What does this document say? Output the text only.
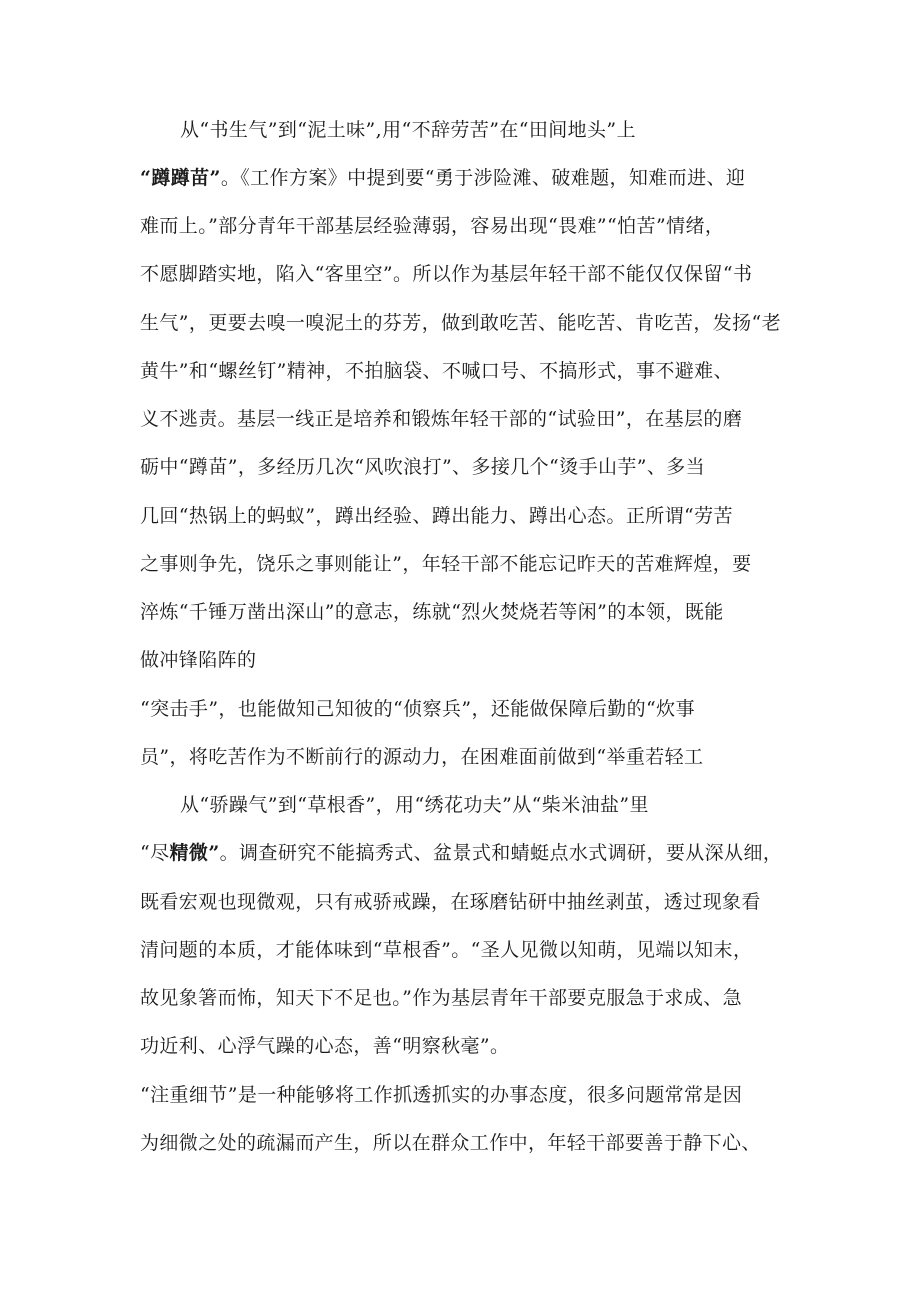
从“书生气”到“泥土味”,用“不辞劳苦”在“田间地头”上
“蹲蹲苗”。《工作方案》中提到要“勇于涉险滩、破难题，知难而进、迎
难而上。”部分青年干部基层经验薄弱，容易出现“畏难”“怕苦”情绪，
不愿脚踏实地，陷入“客里空”。所以作为基层年轻干部不能仅仅保留“书
生气”，更要去嗅一嗅泥土的芬芳，做到敢吃苦、能吃苦、肯吃苦，发扬“老
黄牛”和“螺丝钉”精神，不拍脑袋、不喊口号、不搞形式，事不避难、
义不逃责。基层一线正是培养和锻炼年轻干部的“试验田”，在基层的磨
砺中“蹲苗”，多经历几次“风吹浪打”、多接几个“烫手山芋”、多当
几回“热锅上的蚂蚁”，蹲出经验、蹲出能力、蹲出心态。正所谓“劳苦
之事则争先，饶乐之事则能让”，年轻干部不能忘记昨天的苦难辉煌，要
淬炼“千锤万凿出深山”的意志，练就“烈火焚烧若等闲”的本领，既能
做冲锋陷阵的
“突击手”，也能做知己知彼的“侦察兵”，还能做保障后勤的“炊事
员”，将吃苦作为不断前行的源动力，在困难面前做到“举重若轻工
从“骄躁气”到“草根香”，用“绣花功夫”从“柴米油盐”里
“尽精微”。调查研究不能搞秀式、盆景式和蜻蜓点水式调研，要从深从细，
既看宏观也现微观，只有戒骄戒躁，在琢磨钻研中抽丝剥茧，透过现象看
清问题的本质，才能体味到“草根香”。“圣人见微以知萌，见端以知末，
故见象箸而怖，知天下不足也。”作为基层青年干部要克服急于求成、急
功近利、心浮气躁的心态，善“明察秋毫”。
“注重细节”是一种能够将工作抓透抓实的办事态度，很多问题常常是因
为细微之处的疏漏而产生，所以在群众工作中，年轻干部要善于静下心、
